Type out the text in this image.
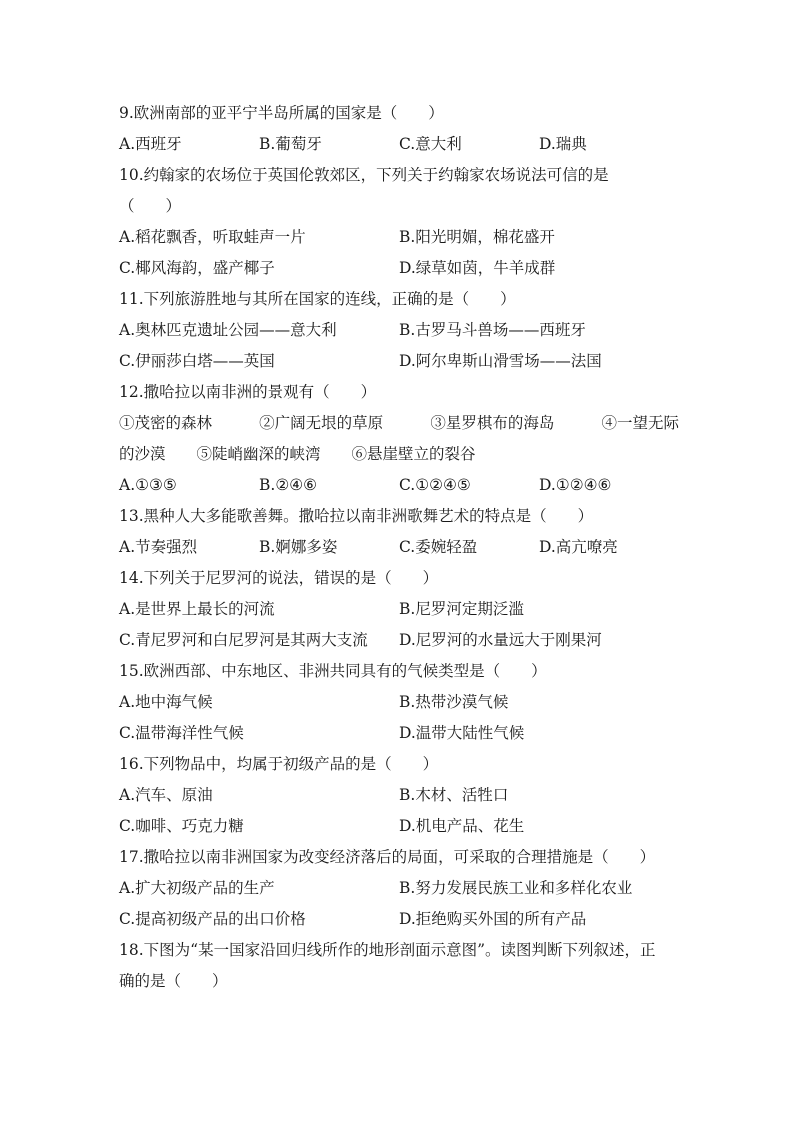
9.欧洲南部的亚平宁半岛所属的国家是（　　）
A.西班牙	B.葡萄牙	C.意大利	D.瑞典
10.约翰家的农场位于英国伦敦郊区，下列关于约翰家农场说法可信的是
（　　）
A.稻花飘香，听取蛙声一片	B.阳光明媚，棉花盛开
C.椰风海韵，盛产椰子	D.绿草如茵，牛羊成群
11.下列旅游胜地与其所在国家的连线，正确的是（　　）
A.奥林匹克遗址公园——意大利	B.古罗马斗兽场——西班牙
C.伊丽莎白塔——英国	D.阿尔卑斯山滑雪场——法国
12.撒哈拉以南非洲的景观有（　　）
①茂密的森林	②广阔无垠的草原	③星罗棋布的海岛	④一望无际
的沙漠　　⑤陡峭幽深的峡湾　　⑥悬崖壁立的裂谷
A.①③⑤	B.②④⑥	C.①②④⑤	D.①②④⑥
13.黑种人大多能歌善舞。撒哈拉以南非洲歌舞艺术的特点是（　　）
A.节奏强烈	B.婀娜多姿	C.委婉轻盈	D.高亢嘹亮
14.下列关于尼罗河的说法，错误的是（　　）
A.是世界上最长的河流	B.尼罗河定期泛滥
C.青尼罗河和白尼罗河是其两大支流 D.尼罗河的水量远大于刚果河
15.欧洲西部、中东地区、非洲共同具有的气候类型是（　　）
A.地中海气候	B.热带沙漠气候
C.温带海洋性气候	D.温带大陆性气候
16.下列物品中，均属于初级产品的是（　　）
A.汽车、原油	B.木材、活牲口
C.咖啡、巧克力糖	D.机电产品、花生
17.撒哈拉以南非洲国家为改变经济落后的局面，可采取的合理措施是（　　）
A.扩大初级产品的生产	B.努力发展民族工业和多样化农业
C.提高初级产品的出口价格	D.拒绝购买外国的所有产品
18.下图为“某一国家沿回归线所作的地形剖面示意图”。读图判断下列叙述，正
确的是（　　）
